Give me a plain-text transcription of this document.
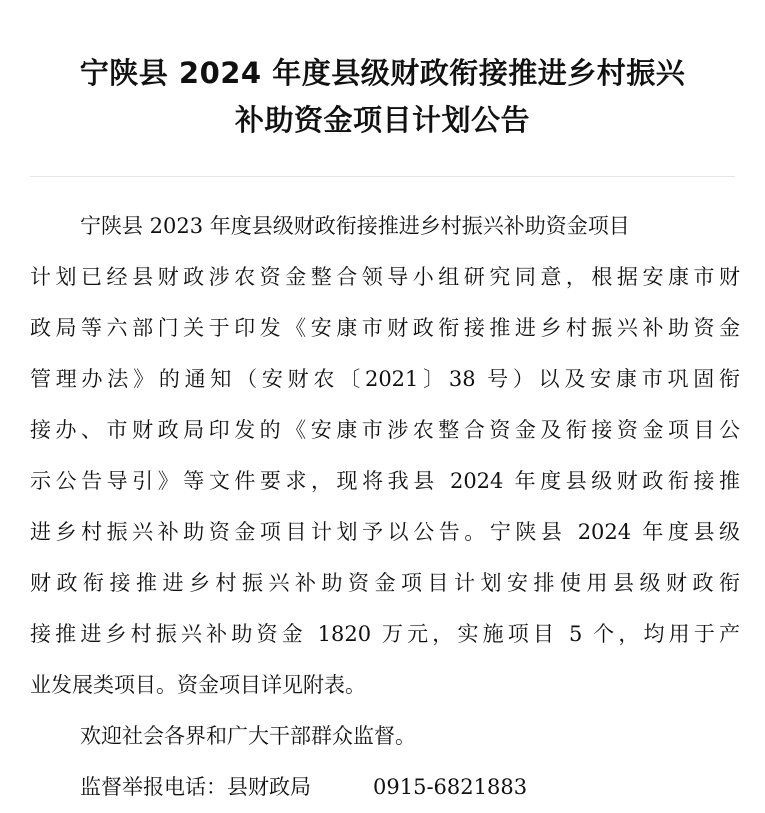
宁陕县 2024 年度县级财政衔接推进乡村振兴
补助资金项目计划公告
宁陕县 2023 年度县级财政衔接推进乡村振兴补助资金项目
计划已经县财政涉农资金整合领导小组研究同意，根据安康市财
政局等六部门关于印发《安康市财政衔接推进乡村振兴补助资金
管理办法》的通知（安财农〔2021〕38 号）以及安康市巩固衔
接办、市财政局印发的《安康市涉农整合资金及衔接资金项目公
示公告导引》等文件要求，现将我县 2024 年度县级财政衔接推
进乡村振兴补助资金项目计划予以公告。宁陕县 2024 年度县级
财政衔接推进乡村振兴补助资金项目计划安排使用县级财政衔
接推进乡村振兴补助资金 1820 万元，实施项目 5 个，均用于产
业发展类项目。资金项目详见附表。
欢迎社会各界和广大干部群众监督。
监督举报电话：县财政局	0915-6821883
